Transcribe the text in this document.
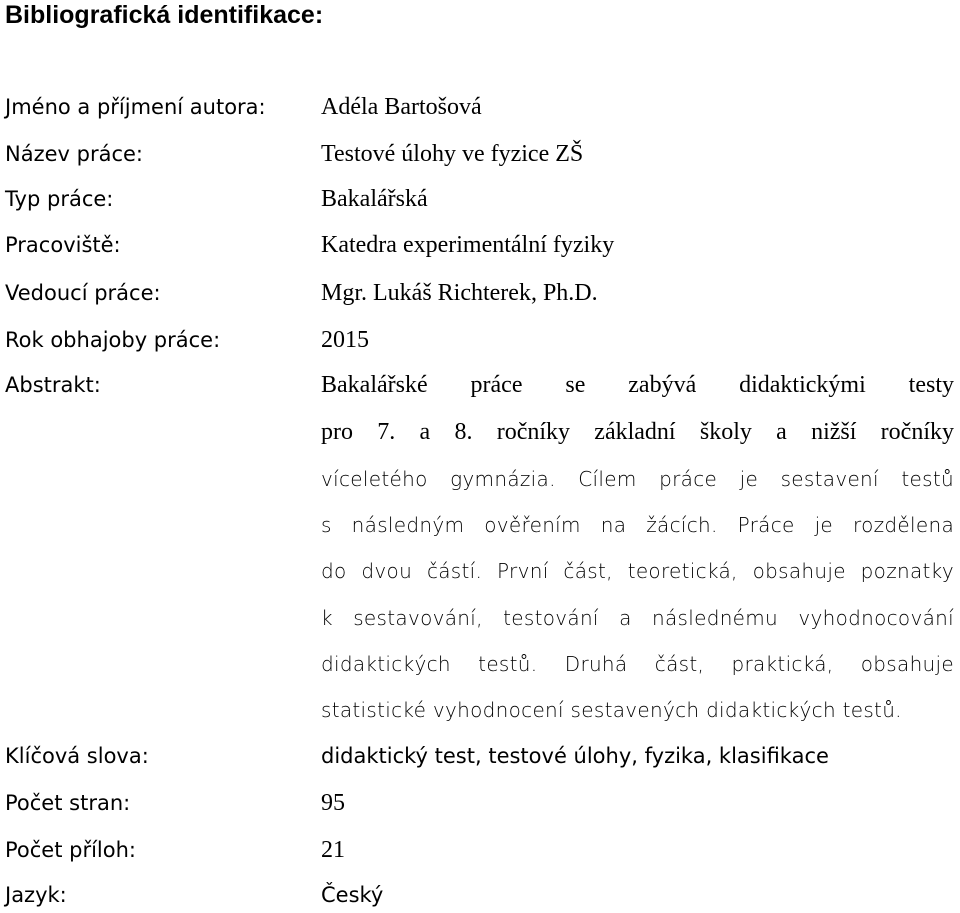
Bibliografická identifikace:
Jméno a příjmení autora: Adéla Bartošová
Název práce:	Testové úlohy ve fyzice ZŠ
Typ práce:	Bakalářská
Pracoviště:	Katedra experimentální fyziky
Vedoucí práce:	Mgr. Lukáš Richterek, Ph.D.
Rok obhajoby práce:	2015
Abstrakt:	Bakalářské práce se zabývá didaktickými testy
pro 7. a 8. ročníky základní školy a nižší ročníky
víceletého gymnázia. Cílem práce je sestavení testů
s následným ověřením na žácích. Práce je rozdělena
do dvou částí. První část, teoretická, obsahuje poznatky
k sestavování, testování a následnému vyhodnocování
didaktických testů. Druhá část, praktická, obsahuje
statistické vyhodnocení sestavených didaktických testů.
Klíčová slova:	didaktický test, testové úlohy, fyzika, klasifikace
Počet stran:	95
Počet příloh:	21
Jazyk:	Český
